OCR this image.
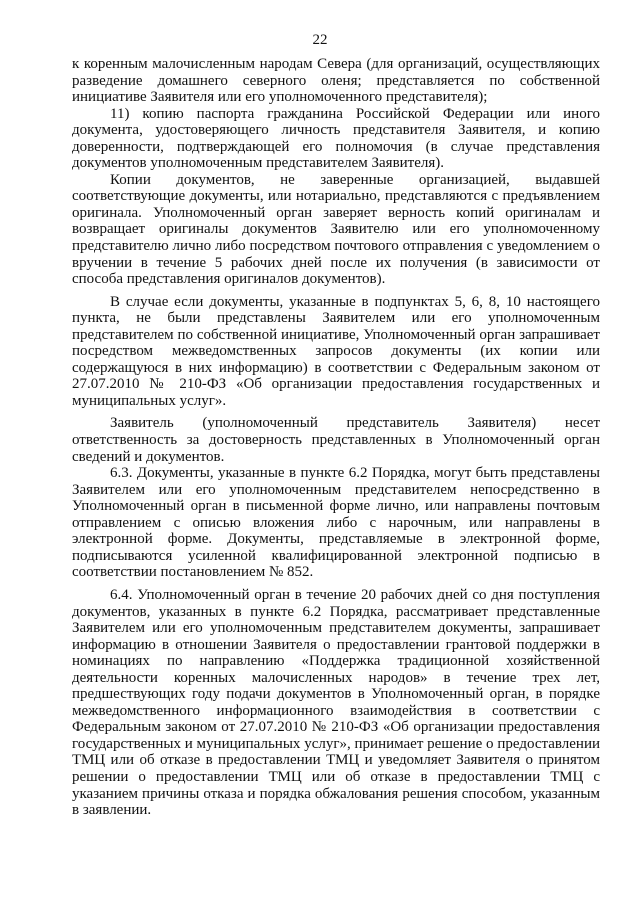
22

к коренным малочисленным народам Севера (для организаций, осуществляющих разведение домашнего северного оленя; представляется по собственной инициативе Заявителя или его уполномоченного представителя);

11) копию паспорта гражданина Российской Федерации или иного документа, удостоверяющего личность представителя Заявителя, и копию доверенности, подтверждающей его полномочия (в случае представления документов уполномоченным представителем Заявителя).

Копии документов, не заверенные организацией, выдавшей соответствующие документы, или нотариально, представляются с предъявлением оригинала. Уполномоченный орган заверяет верность копий оригиналам и возвращает оригиналы документов Заявителю или его уполномоченному представителю лично либо посредством почтового отправления с уведомлением о вручении в течение 5 рабочих дней после их получения (в зависимости от способа представления оригиналов документов).

В случае если документы, указанные в подпунктах 5, 6, 8, 10 настоящего пункта, не были представлены Заявителем или его уполномоченным представителем по собственной инициативе, Уполномоченный орган запрашивает посредством межведомственных запросов документы (их копии или содержащуюся в них информацию) в соответствии с Федеральным законом от 27.07.2010 № 210-ФЗ «Об организации предоставления государственных и муниципальных услуг».

Заявитель (уполномоченный представитель Заявителя) несет ответственность за достоверность представленных в Уполномоченный орган сведений и документов.

6.3. Документы, указанные в пункте 6.2 Порядка, могут быть представлены Заявителем или его уполномоченным представителем непосредственно в Уполномоченный орган в письменной форме лично, или направлены почтовым отправлением с описью вложения либо с нарочным, или направлены в электронной форме. Документы, представляемые в электронной форме, подписываются усиленной квалифицированной электронной подписью в соответствии постановлением № 852.

6.4. Уполномоченный орган в течение 20 рабочих дней со дня поступления документов, указанных в пункте 6.2 Порядка, рассматривает представленные Заявителем или его уполномоченным представителем документы, запрашивает информацию в отношении Заявителя о предоставлении грантовой поддержки в номинациях по направлению «Поддержка традиционной хозяйственной деятельности коренных малочисленных народов» в течение трех лет, предшествующих году подачи документов в Уполномоченный орган, в порядке межведомственного информационного взаимодействия в соответствии с Федеральным законом от 27.07.2010 № 210-ФЗ «Об организации предоставления государственных и муниципальных услуг», принимает решение о предоставлении ТМЦ или об отказе в предоставлении ТМЦ и уведомляет Заявителя о принятом решении о предоставлении ТМЦ или об отказе в предоставлении ТМЦ с указанием причины отказа и порядка обжалования решения способом, указанным в заявлении.
